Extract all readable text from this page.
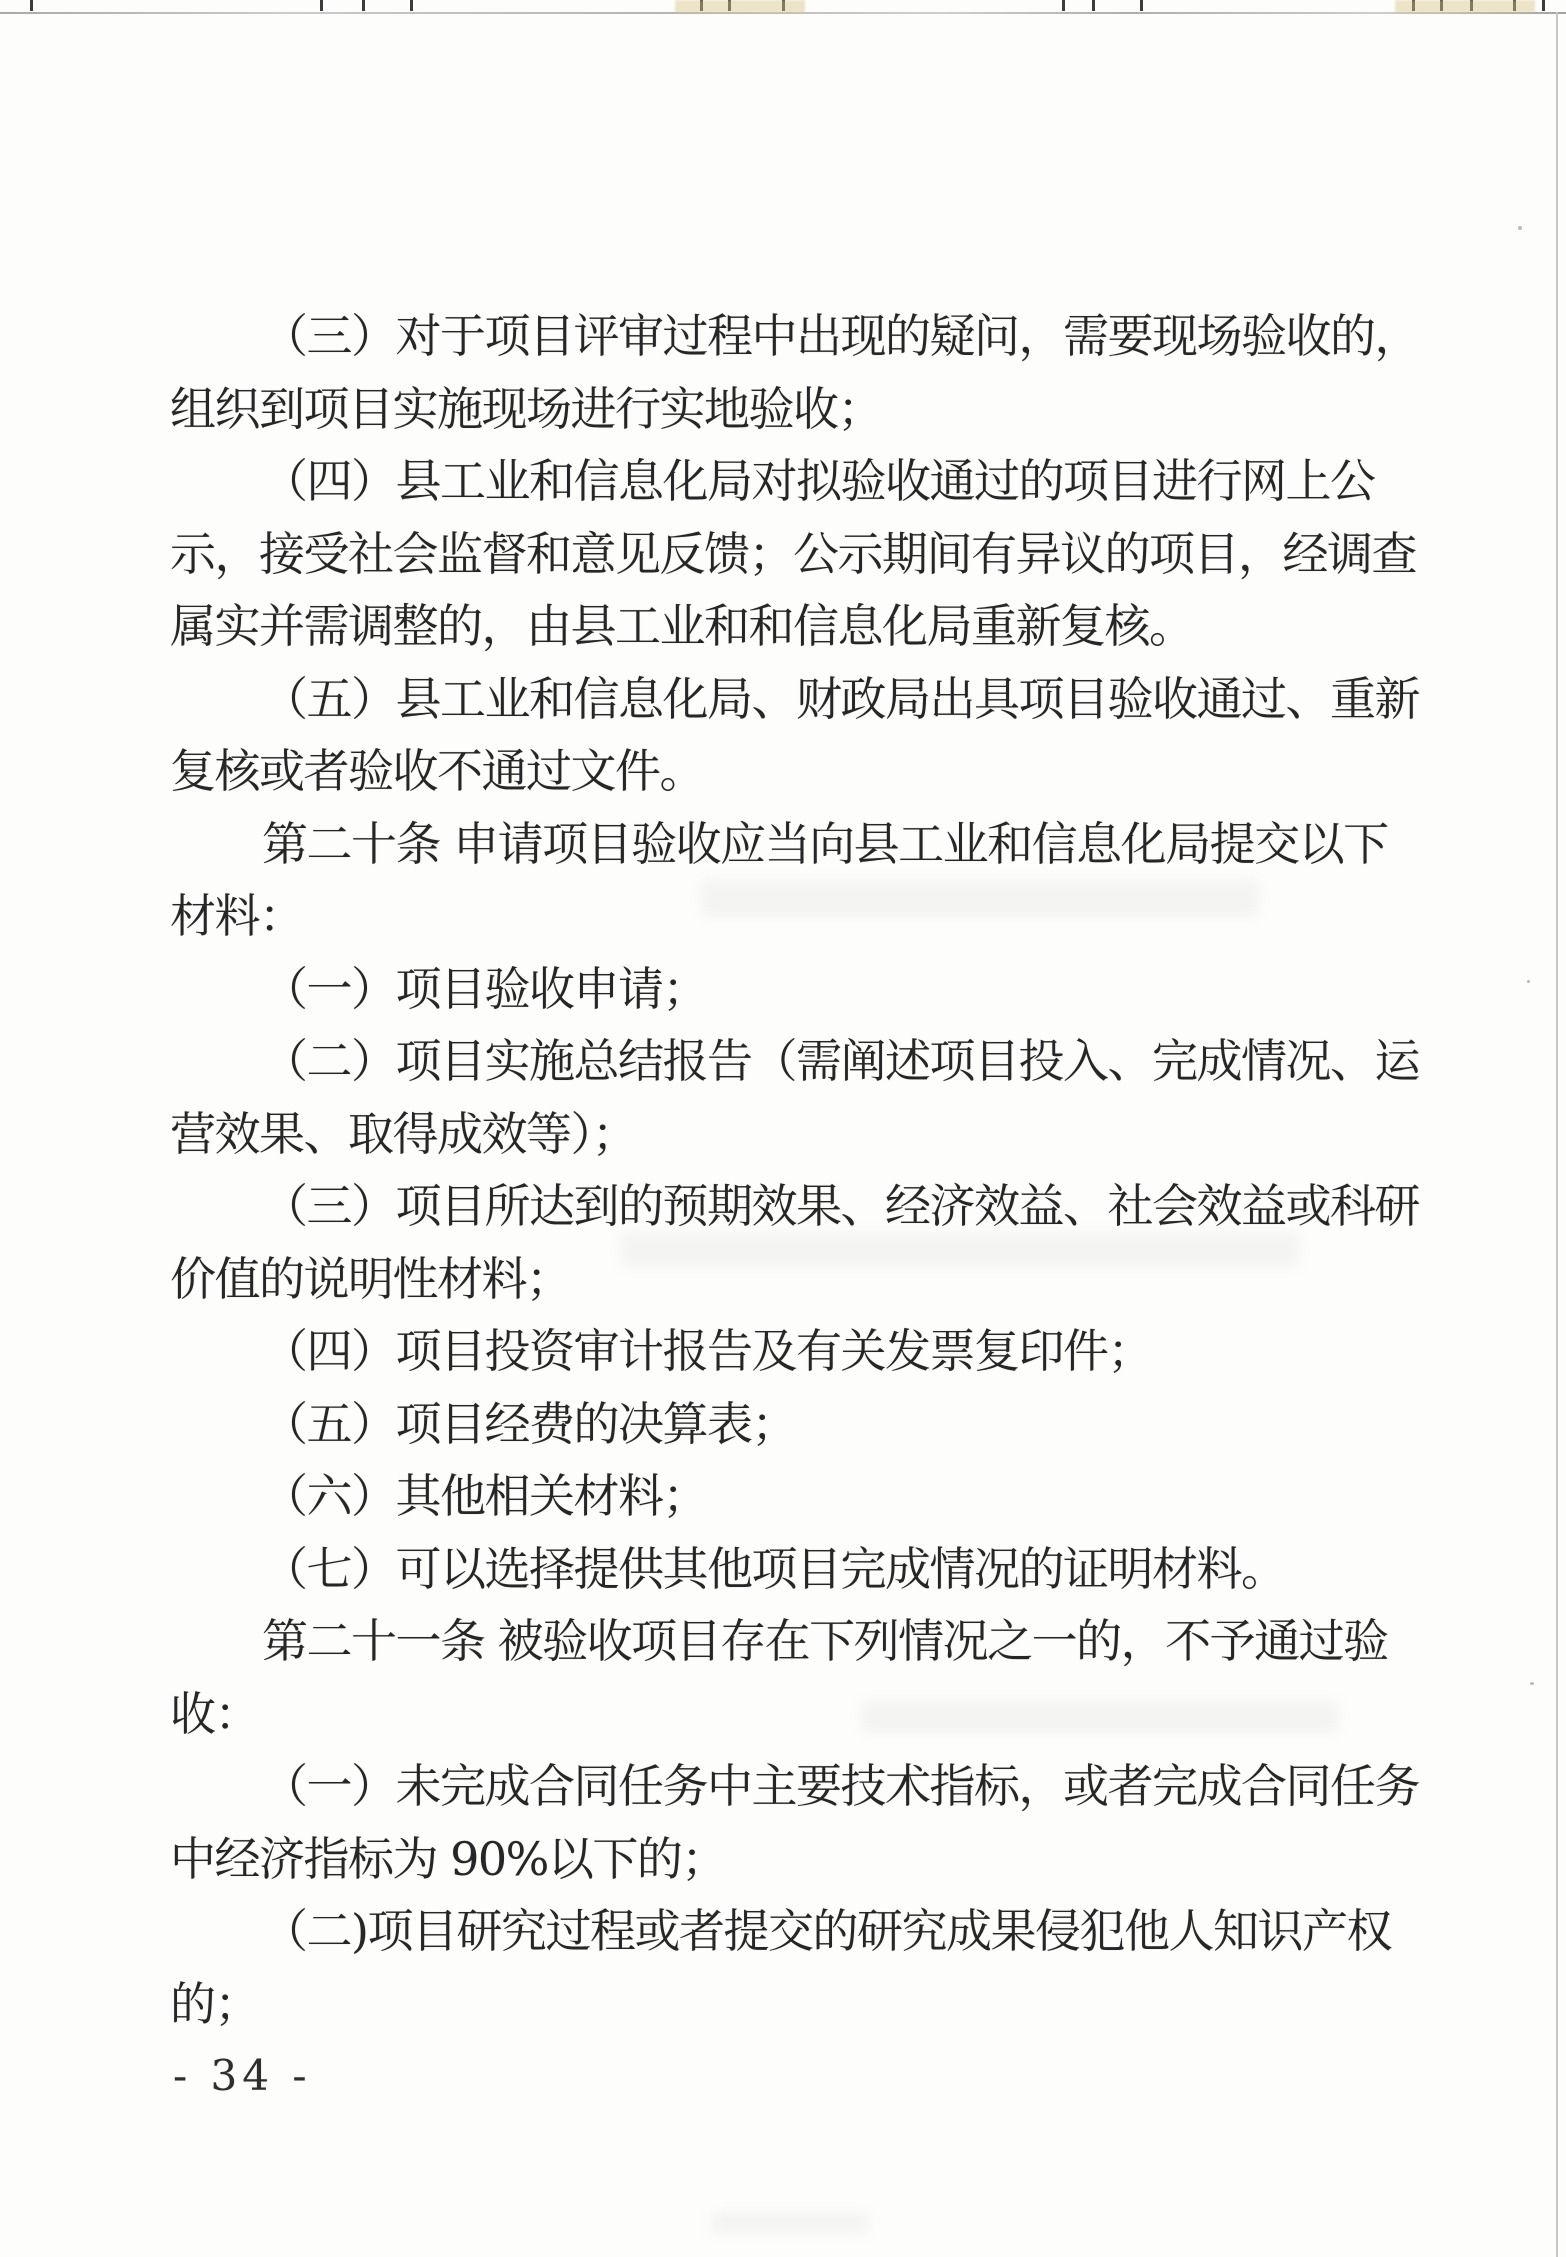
（三）对于项目评审过程中出现的疑问，需要现场验收的，
组织到项目实施现场进行实地验收；
（四）县工业和信息化局对拟验收通过的项目进行网上公
示，接受社会监督和意见反馈；公示期间有异议的项目，经调查
属实并需调整的，由县工业和和信息化局重新复核。
（五）县工业和信息化局、财政局出具项目验收通过、重新
复核或者验收不通过文件。
第二十条 申请项目验收应当向县工业和信息化局提交以下
材料：
（一）项目验收申请；
（二）项目实施总结报告（需阐述项目投入、完成情况、运
营效果、取得成效等）；
（三）项目所达到的预期效果、经济效益、社会效益或科研
价值的说明性材料；
（四）项目投资审计报告及有关发票复印件；
（五）项目经费的决算表；
（六）其他相关材料；
（七）可以选择提供其他项目完成情况的证明材料。
第二十一条 被验收项目存在下列情况之一的，不予通过验
收：
（一）未完成合同任务中主要技术指标，或者完成合同任务
中经济指标为 90%以下的；
（二)项目研究过程或者提交的研究成果侵犯他人知识产权
的；
- 34 -
